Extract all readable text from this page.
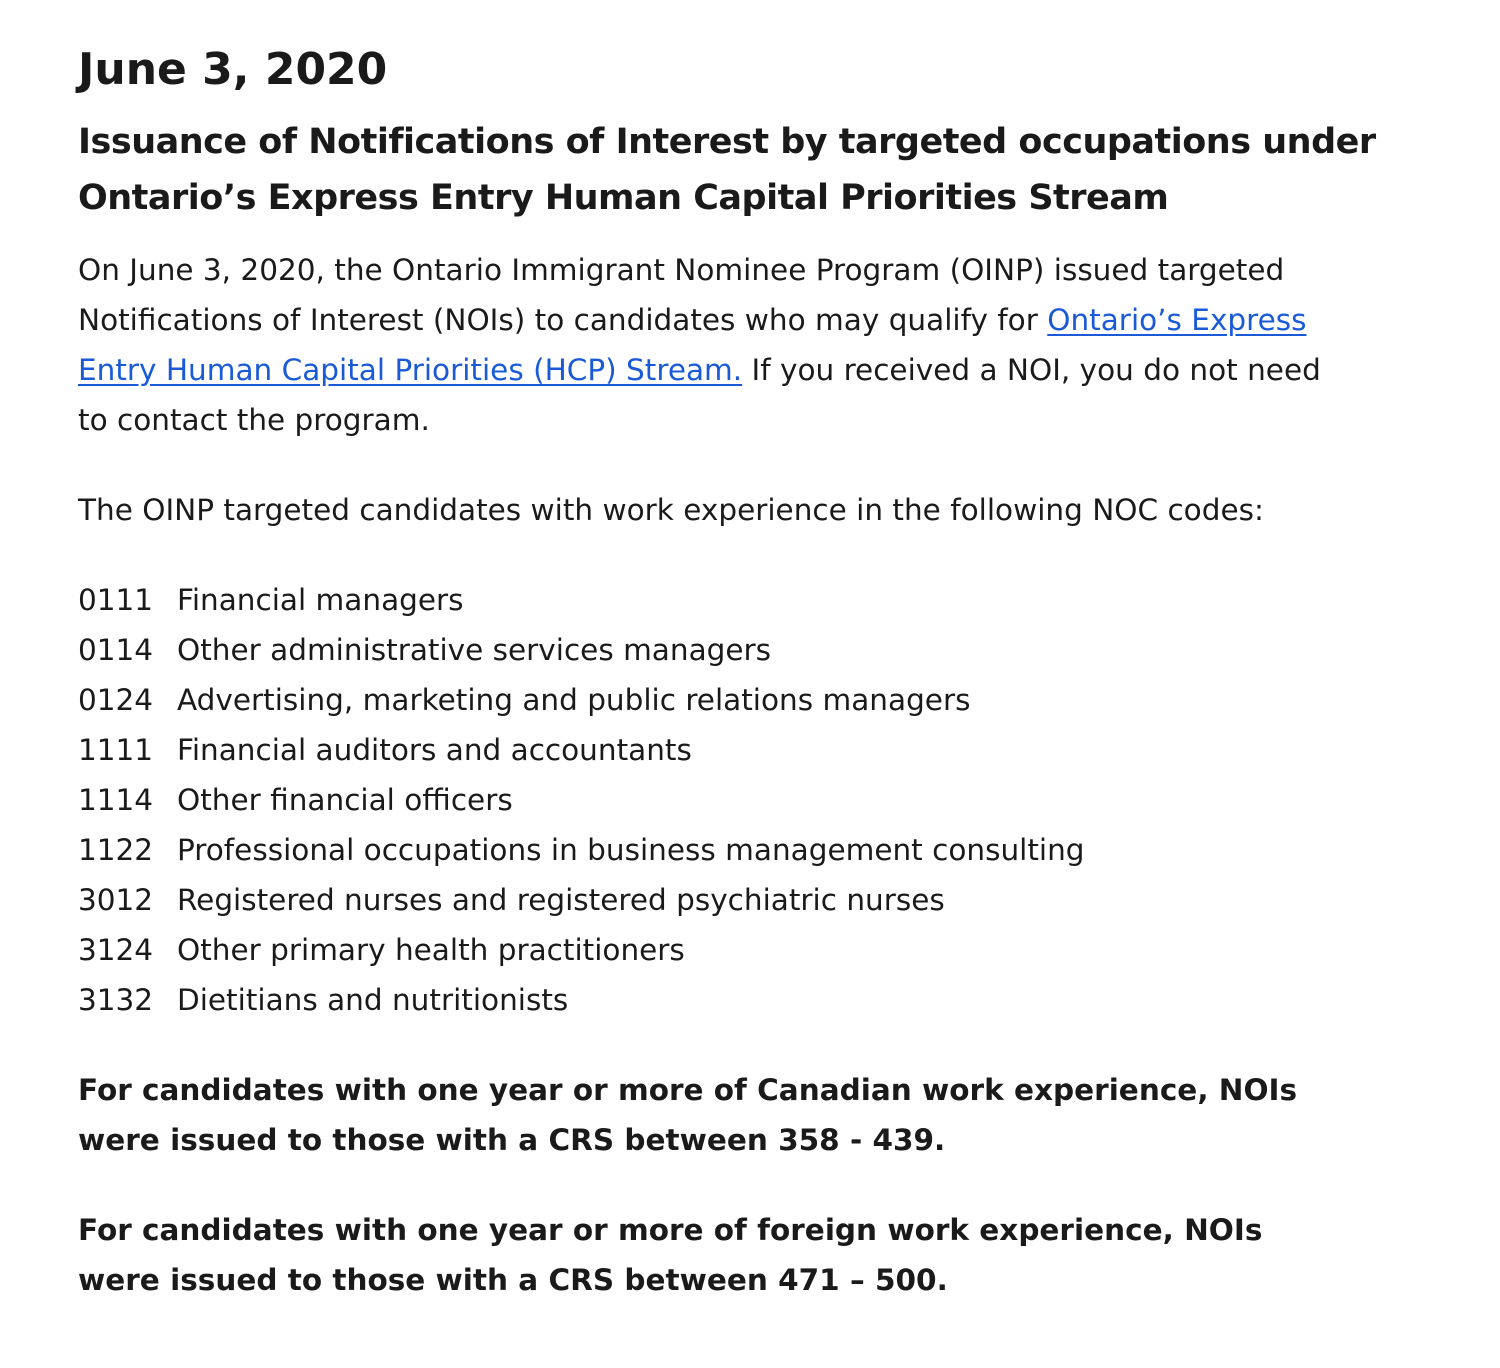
June 3, 2020
Issuance of Notifications of Interest by targeted occupations under Ontario’s Express Entry Human Capital Priorities Stream

On June 3, 2020, the Ontario Immigrant Nominee Program (OINP) issued targeted Notifications of Interest (NOIs) to candidates who may qualify for Ontario’s Express Entry Human Capital Priorities (HCP) Stream. If you received a NOI, you do not need to contact the program.

The OINP targeted candidates with work experience in the following NOC codes:

0111 Financial managers
0114 Other administrative services managers
0124 Advertising, marketing and public relations managers
1111 Financial auditors and accountants
1114 Other financial officers
1122 Professional occupations in business management consulting
3012 Registered nurses and registered psychiatric nurses
3124 Other primary health practitioners
3132 Dietitians and nutritionists

For candidates with one year or more of Canadian work experience, NOIs were issued to those with a CRS between 358 - 439.

For candidates with one year or more of foreign work experience, NOIs were issued to those with a CRS between 471 – 500.
